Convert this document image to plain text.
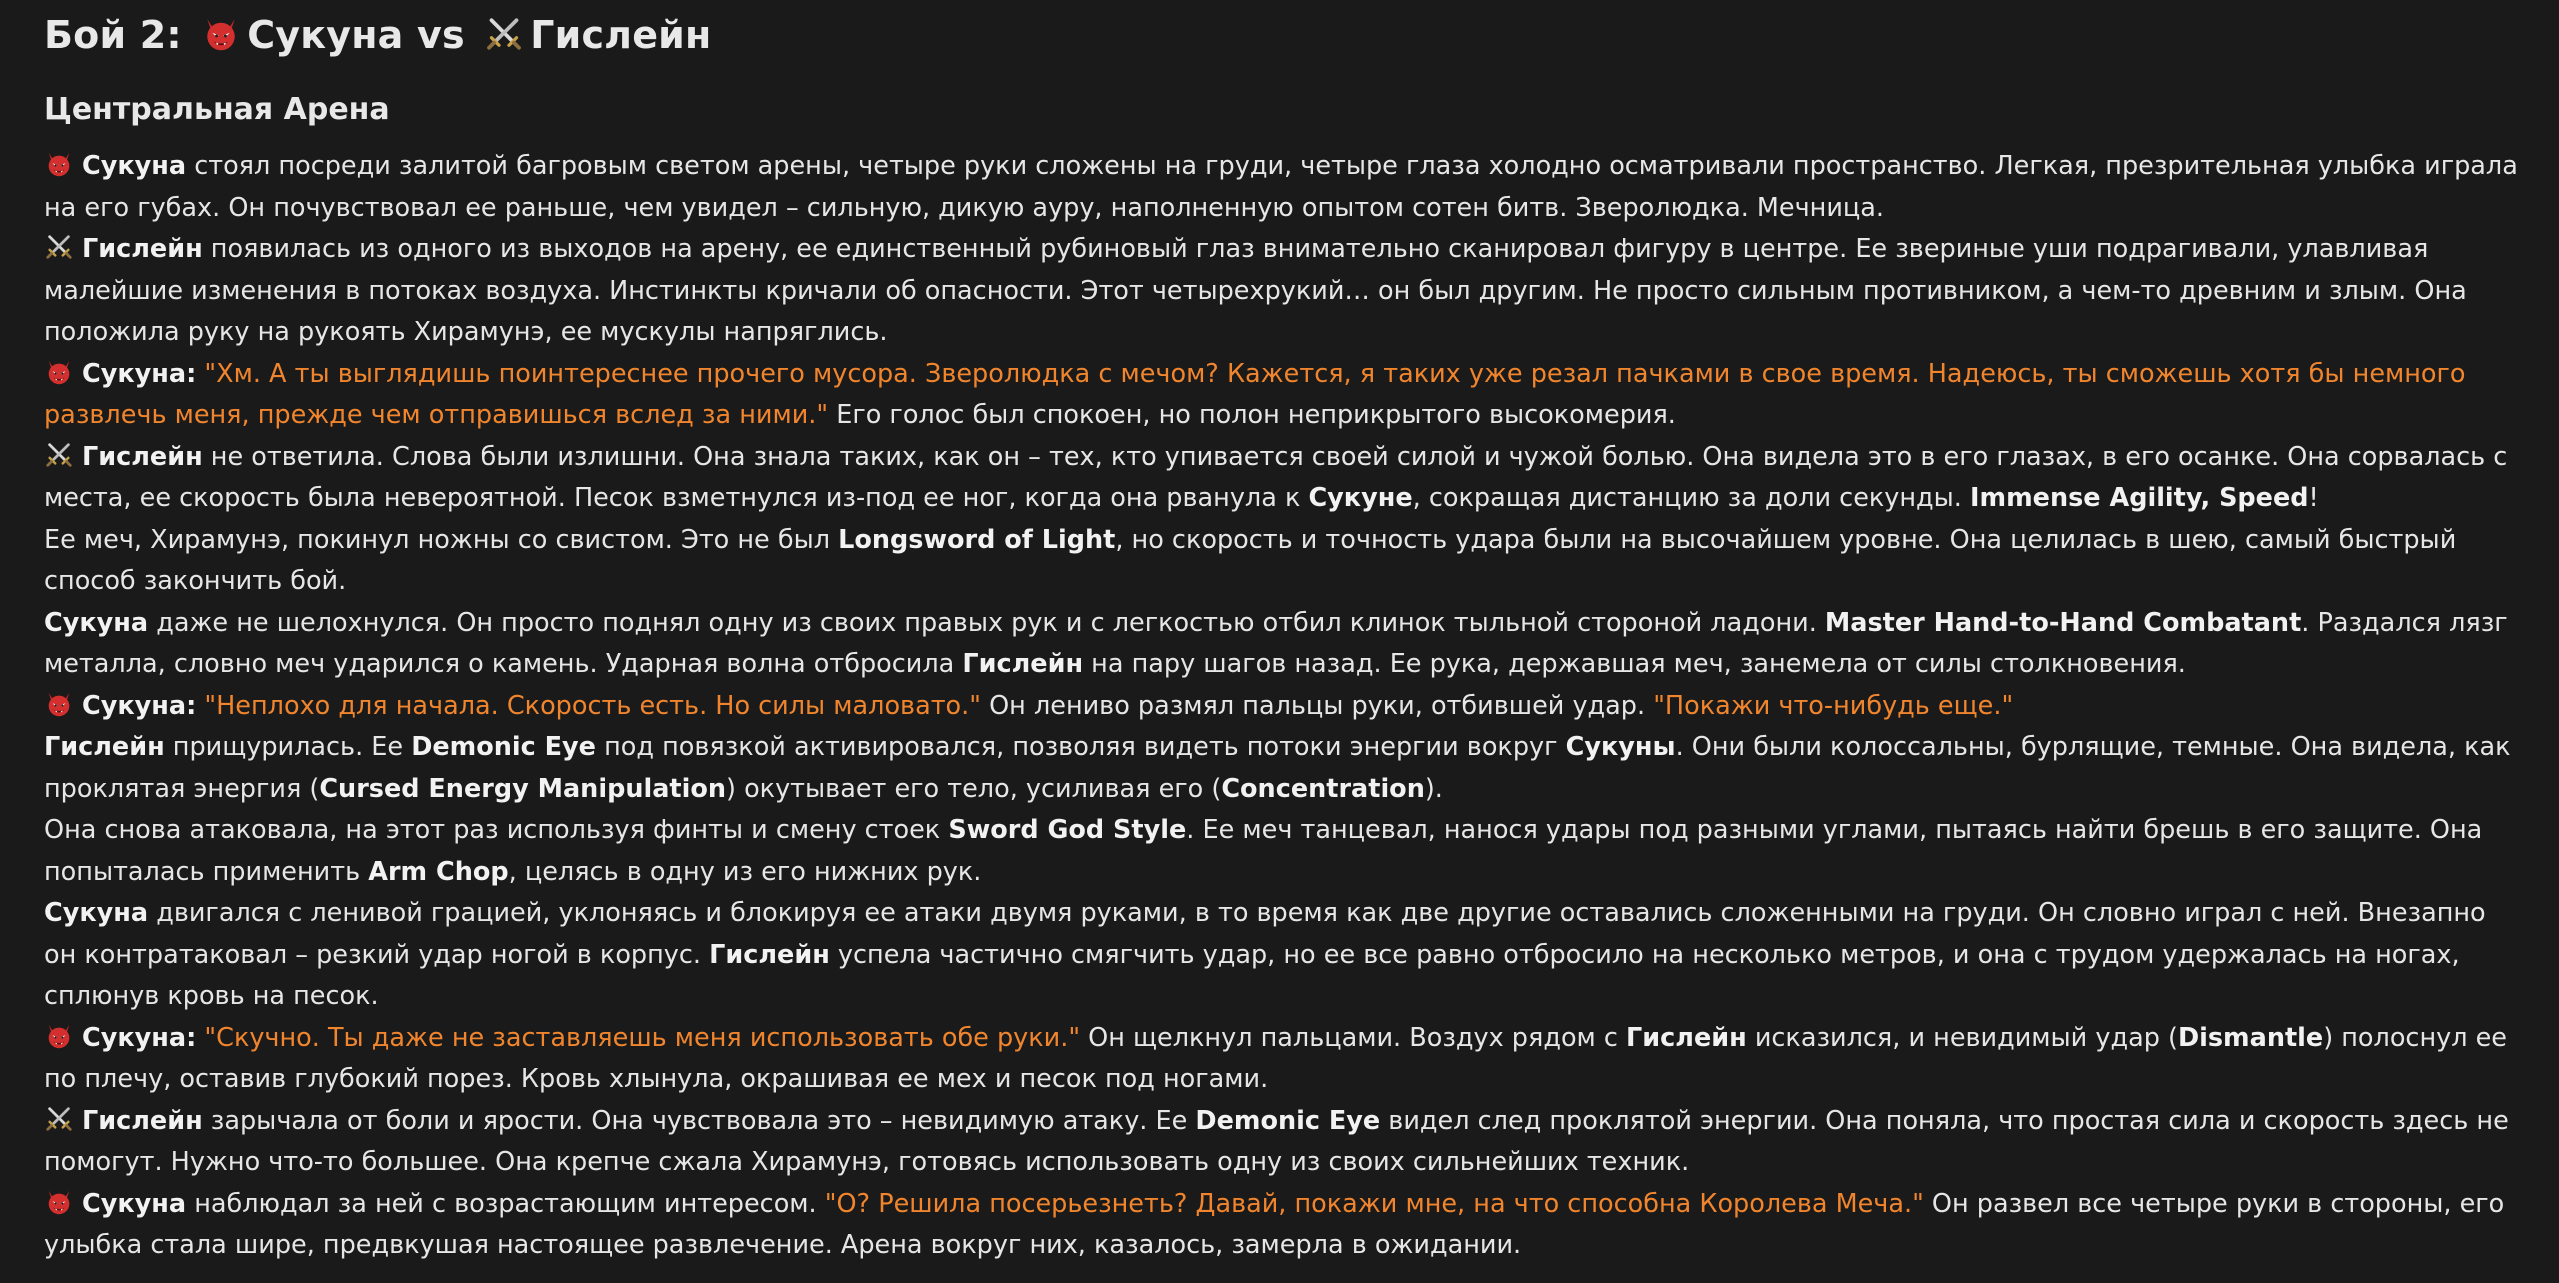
Бой 2: Сукуна vs Гислейн
Центральная Арена

Сукуна стоял посреди залитой багровым светом арены, четыре руки сложены на груди, четыре глаза холодно осматривали пространство. Легкая, презрительная улыбка играла на его губах. Он почувствовал ее раньше, чем увидел – сильную, дикую ауру, наполненную опытом сотен битв. Зверолюдка. Мечница.

Гислейн появилась из одного из выходов на арену, ее единственный рубиновый глаз внимательно сканировал фигуру в центре. Ее звериные уши подрагивали, улавливая малейшие изменения в потоках воздуха. Инстинкты кричали об опасности. Этот четырехрукий… он был другим. Не просто сильным противником, а чем-то древним и злым. Она положила руку на рукоять Хирамунэ, ее мускулы напряглись.

Сукуна: "Хм. А ты выглядишь поинтереснее прочего мусора. Зверолюдка с мечом? Кажется, я таких уже резал пачками в свое время. Надеюсь, ты сможешь хотя бы немного развлечь меня, прежде чем отправишься вслед за ними." Его голос был спокоен, но полон неприкрытого высокомерия.

Гислейн не ответила. Слова были излишни. Она знала таких, как он – тех, кто упивается своей силой и чужой болью. Она видела это в его глазах, в его осанке. Она сорвалась с места, ее скорость была невероятной. Песок взметнулся из-под ее ног, когда она рванула к Сукуне, сокращая дистанцию за доли секунды. Immense Agility, Speed!

Ее меч, Хирамунэ, покинул ножны со свистом. Это не был Longsword of Light, но скорость и точность удара были на высочайшем уровне. Она целилась в шею, самый быстрый способ закончить бой.

Сукуна даже не шелохнулся. Он просто поднял одну из своих правых рук и с легкостью отбил клинок тыльной стороной ладони. Master Hand-to-Hand Combatant. Раздался лязг металла, словно меч ударился о камень. Ударная волна отбросила Гислейн на пару шагов назад. Ее рука, державшая меч, занемела от силы столкновения.

Сукуна: "Неплохо для начала. Скорость есть. Но силы маловато." Он лениво размял пальцы руки, отбившей удар. "Покажи что-нибудь еще."

Гислейн прищурилась. Ее Demonic Eye под повязкой активировался, позволяя видеть потоки энергии вокруг Сукуны. Они были колоссальны, бурлящие, темные. Она видела, как проклятая энергия (Cursed Energy Manipulation) окутывает его тело, усиливая его (Concentration).

Она снова атаковала, на этот раз используя финты и смену стоек Sword God Style. Ее меч танцевал, нанося удары под разными углами, пытаясь найти брешь в его защите. Она попыталась применить Arm Chop, целясь в одну из его нижних рук.

Сукуна двигался с ленивой грацией, уклоняясь и блокируя ее атаки двумя руками, в то время как две другие оставались сложенными на груди. Он словно играл с ней. Внезапно он контратаковал – резкий удар ногой в корпус. Гислейн успела частично смягчить удар, но ее все равно отбросило на несколько метров, и она с трудом удержалась на ногах, сплюнув кровь на песок.

Сукуна: "Скучно. Ты даже не заставляешь меня использовать обе руки." Он щелкнул пальцами. Воздух рядом с Гислейн исказился, и невидимый удар (Dismantle) полоснул ее по плечу, оставив глубокий порез. Кровь хлынула, окрашивая ее мех и песок под ногами.

Гислейн зарычала от боли и ярости. Она чувствовала это – невидимую атаку. Ее Demonic Eye видел след проклятой энергии. Она поняла, что простая сила и скорость здесь не помогут. Нужно что-то большее. Она крепче сжала Хирамунэ, готовясь использовать одну из своих сильнейших техник.

Сукуна наблюдал за ней с возрастающим интересом. "О? Решила посерьезнеть? Давай, покажи мне, на что способна Королева Меча." Он развел все четыре руки в стороны, его улыбка стала шире, предвкушая настоящее развлечение. Арена вокруг них, казалось, замерла в ожидании.
